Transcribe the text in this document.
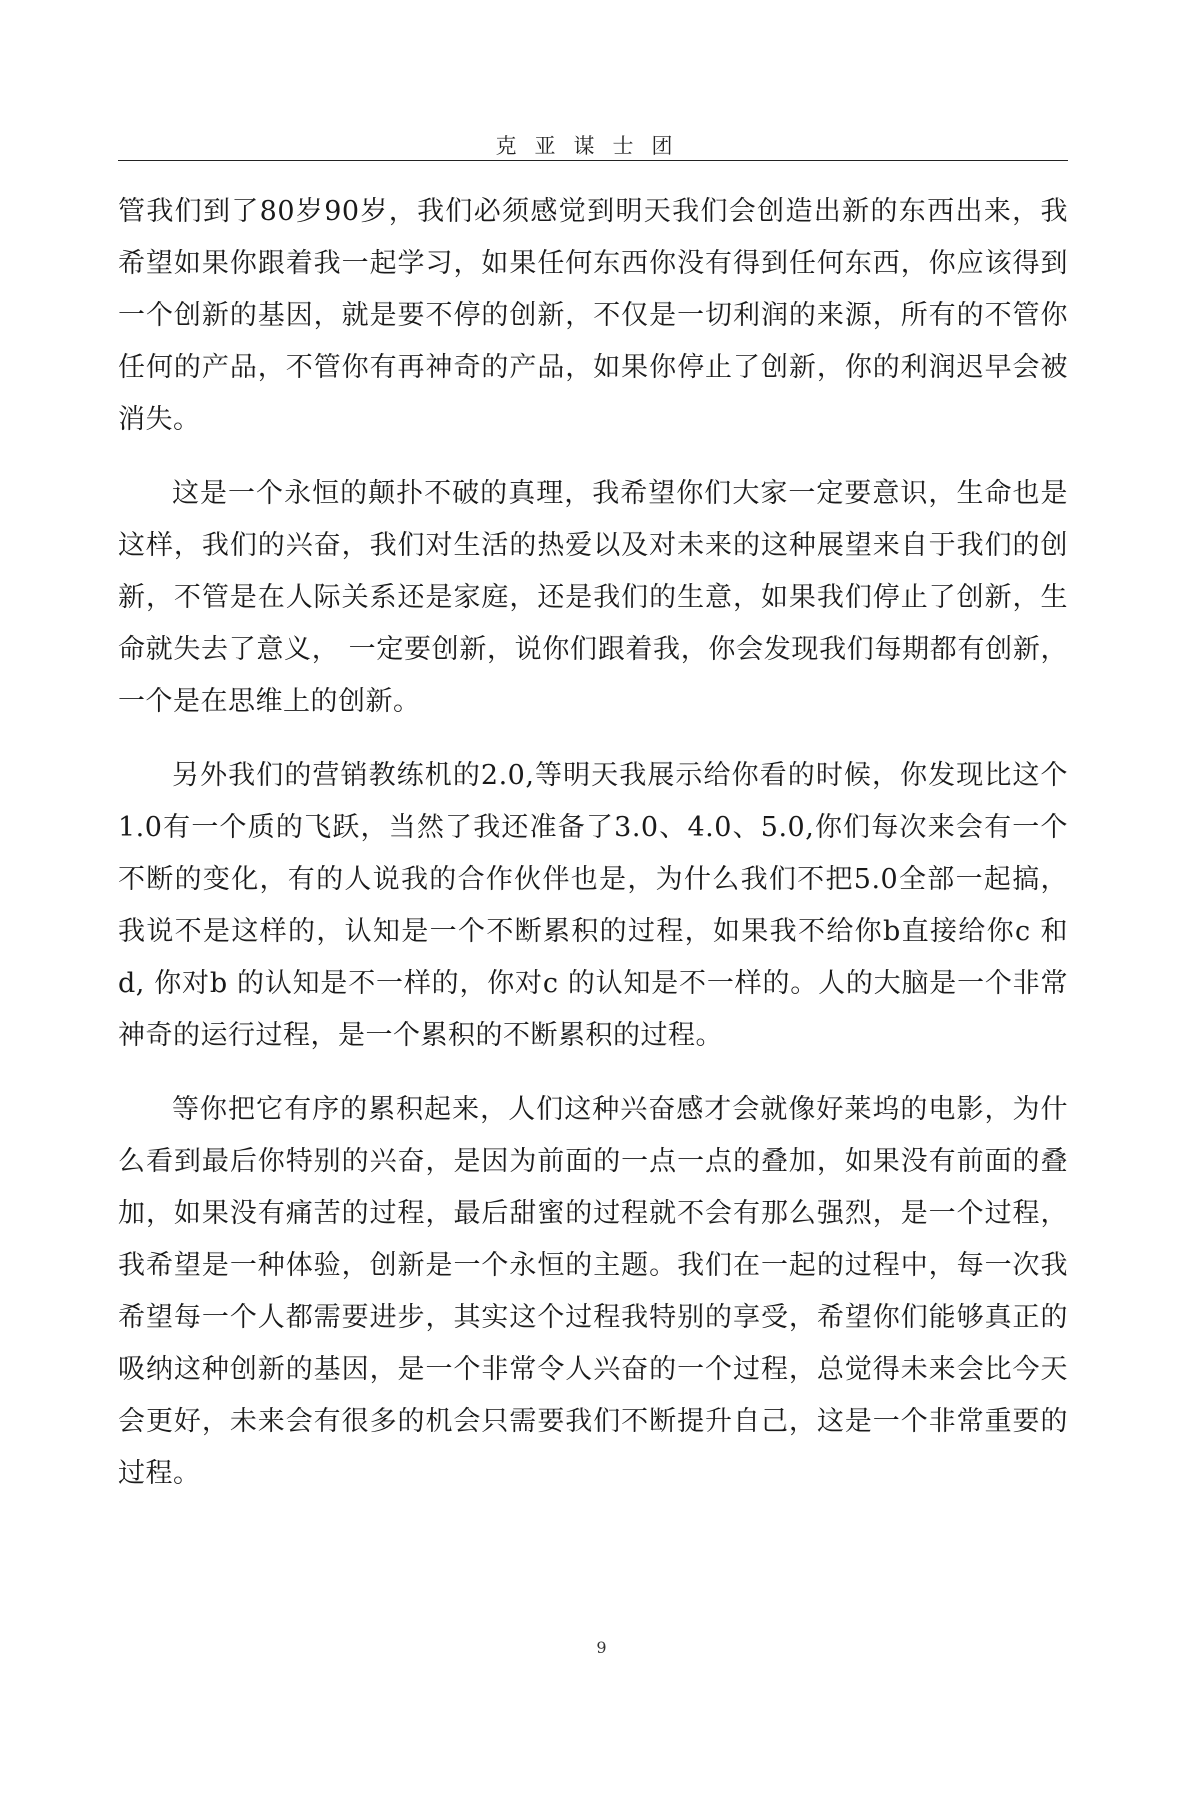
克亚谋士团

管我们到了80岁90岁，我们必须感觉到明天我们会创造出新的东西出来，我希望如果你跟着我一起学习，如果任何东西你没有得到任何东西，你应该得到一个创新的基因，就是要不停的创新，不仅是一切利润的来源，所有的不管你任何的产品，不管你有再神奇的产品，如果你停止了创新，你的利润迟早会被消失。

这是一个永恒的颠扑不破的真理，我希望你们大家一定要意识，生命也是这样，我们的兴奋，我们对生活的热爱以及对未来的这种展望来自于我们的创新，不管是在人际关系还是家庭，还是我们的生意，如果我们停止了创新，生命就失去了意义， 一定要创新，说你们跟着我，你会发现我们每期都有创新，一个是在思维上的创新。

另外我们的营销教练机的2.0,等明天我展示给你看的时候，你发现比这个1.0有一个质的飞跃，当然了我还准备了3.0、4.0、5.0,你们每次来会有一个不断的变化，有的人说我的合作伙伴也是，为什么我们不把5.0全部一起搞，我说不是这样的，认知是一个不断累积的过程，如果我不给你b直接给你c 和 d, 你对b 的认知是不一样的，你对c 的认知是不一样的。人的大脑是一个非常神奇的运行过程，是一个累积的不断累积的过程。

等你把它有序的累积起来，人们这种兴奋感才会就像好莱坞的电影，为什么看到最后你特别的兴奋，是因为前面的一点一点的叠加，如果没有前面的叠加，如果没有痛苦的过程，最后甜蜜的过程就不会有那么强烈，是一个过程，我希望是一种体验，创新是一个永恒的主题。我们在一起的过程中，每一次我希望每一个人都需要进步，其实这个过程我特别的享受，希望你们能够真正的吸纳这种创新的基因，是一个非常令人兴奋的一个过程，总觉得未来会比今天会更好，未来会有很多的机会只需要我们不断提升自己，这是一个非常重要的过程。

9
